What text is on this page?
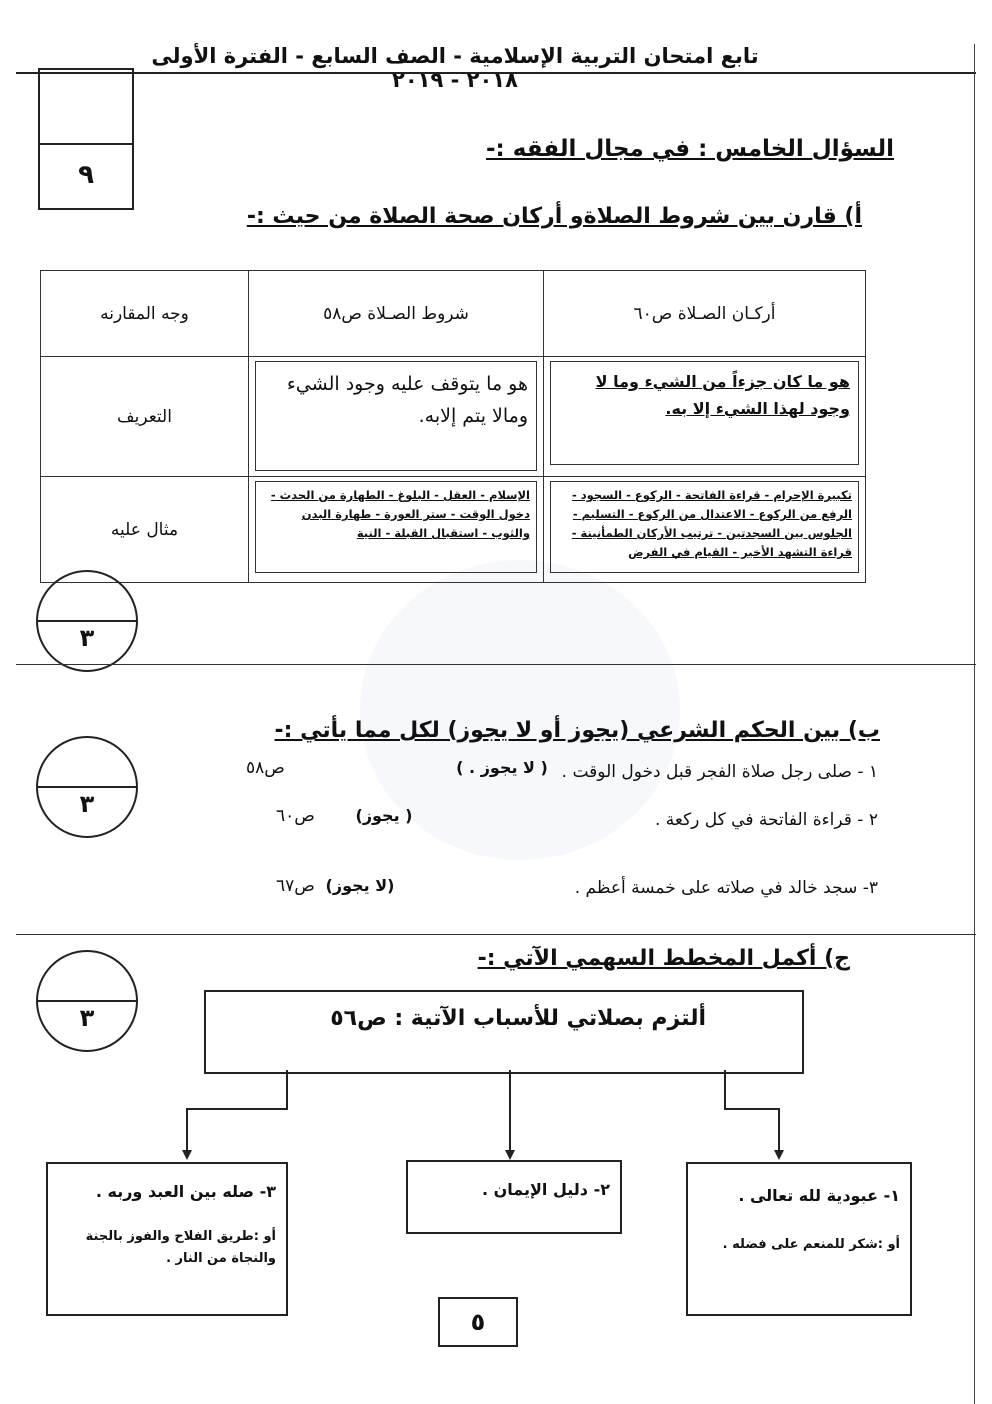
تابع امتحان التربية الإسلامية - الصف السابع - الفترة الأولى ٢٠١٨ - ٢٠١٩
٩
السؤال الخامس : في مجال الفقه :-
أ) قارن بين شروط الصلاةو أركان صحة الصلاة من حيث :-
أركـان الصـلاة ص٦٠	شروط الصـلاة ص٥٨	وجه المقارنه

هو ما كان جزءاً من الشيء وما لا وجود لهذا الشيء إلا به.	هو ما يتوقف عليه وجود الشيء ومالا يتم إلابه.	التعريف

تكبيرة الإحرام - قراءة الفاتحة - الركوع - السجود - الرفع من الركوع - الاعتدال من الركوع - التسليم - الجلوس بين السجدتين - ترتيب الأركان الطمأنينة - قراءة التشهد الأخير - القيام في الفرض	الإسلام - العقل - البلوغ - الطهارة من الحدث - دخول الوقت - ستر العورة - طهارة البدن والثوب - استقبال القبلة - النية	مثال عليه
٣
ب) بين الحكم الشرعي (يجوز أو لا يجوز) لكل مما يأتي :-
٣
١ - صلى رجل صلاة الفجر قبل دخول الوقت .
( لا يجوز . )
ص٥٨
٢ - قراءة الفاتحة في كل ركعة .
( يجوز)
ص٦٠
٣- سجد خالد في صلاته على خمسة أعظم .
(لا يجوز)
ص٦٧
ج) أكمل المخطط السهمي الآتي :-
٣	ألتزم بصلاتي للأسباب الآتية : ص٥٦
٣- صله بين العبد وربه .
أو :طريق الفلاح والفوز بالجنة والنجاة من النار .
٢- دليل الإيمان .	١- عبودية لله تعالى .
أو :شكر للمنعم على فضله .
٥
